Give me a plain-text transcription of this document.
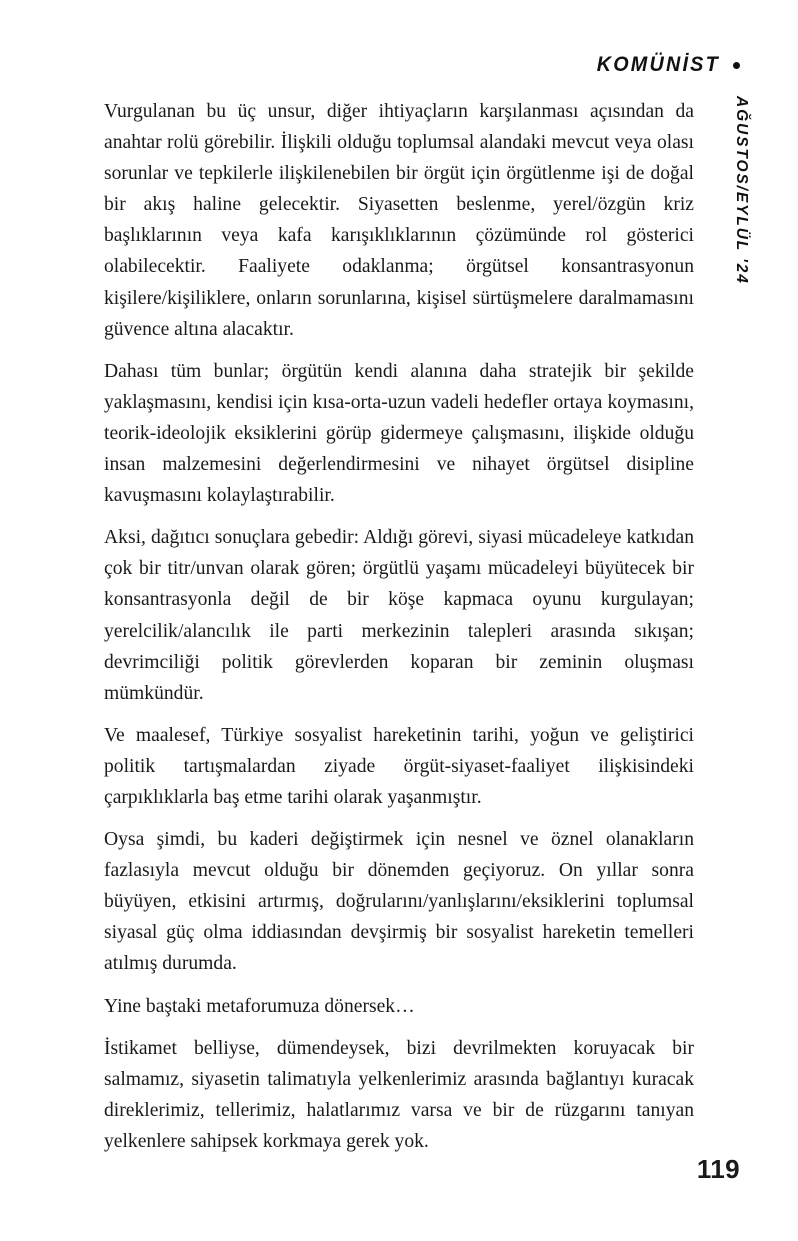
KOMÜNİST
AĞUSTOS/EYLÜL '24

Vurgulanan bu üç unsur, diğer ihtiyaçların karşılanması açısından da anahtar rolü görebilir. İlişkili olduğu toplumsal alandaki mevcut veya olası sorunlar ve tepkilerle ilişkilenebilen bir örgüt için örgütlenme işi de doğal bir akış haline gelecektir. Siyasetten beslenme, yerel/özgün kriz başlıklarının veya kafa karışıklıklarının çözümünde rol gösterici olabilecektir. Faaliyete odaklanma; örgütsel konsantrasyonun kişilere/kişiliklere, onların sorunlarına, kişisel sürtüşmelere daralmamasını güvence altına alacaktır.

Dahası tüm bunlar; örgütün kendi alanına daha stratejik bir şekilde yaklaşmasını, kendisi için kısa-orta-uzun vadeli hedefler ortaya koymasını, teorik-ideolojik eksiklerini görüp gidermeye çalışmasını, ilişkide olduğu insan malzemesini değerlendirmesini ve nihayet örgütsel disipline kavuşmasını kolaylaştırabilir.

Aksi, dağıtıcı sonuçlara gebedir: Aldığı görevi, siyasi mücadeleye katkıdan çok bir titr/unvan olarak gören; örgütlü yaşamı mücadeleyi büyütecek bir konsantrasyonla değil de bir köşe kapmaca oyunu kurgulayan; yerelcilik/alancılık ile parti merkezinin talepleri arasında sıkışan; devrimciliği politik görevlerden koparan bir zeminin oluşması mümkündür.

Ve maalesef, Türkiye sosyalist hareketinin tarihi, yoğun ve geliştirici politik tartışmalardan ziyade örgüt-siyaset-faaliyet ilişkisindeki çarpıklıklarla baş etme tarihi olarak yaşanmıştır.

Oysa şimdi, bu kaderi değiştirmek için nesnel ve öznel olanakların fazlasıyla mevcut olduğu bir dönemden geçiyoruz. On yıllar sonra büyüyen, etkisini artırmış, doğrularını/yanlışlarını/eksiklerini toplumsal siyasal güç olma iddiasından devşirmiş bir sosyalist hareketin temelleri atılmış durumda.

Yine baştaki metaforumuza dönersek…

İstikamet belliyse, dümendeysek, bizi devrilmekten koruyacak bir salmamız, siyasetin talimatıyla yelkenlerimiz arasında bağlantıyı kuracak direklerimiz, tellerimiz, halatlarımız varsa ve bir de rüzgarını tanıyan yelkenlere sahipsek korkmaya gerek yok.

119
